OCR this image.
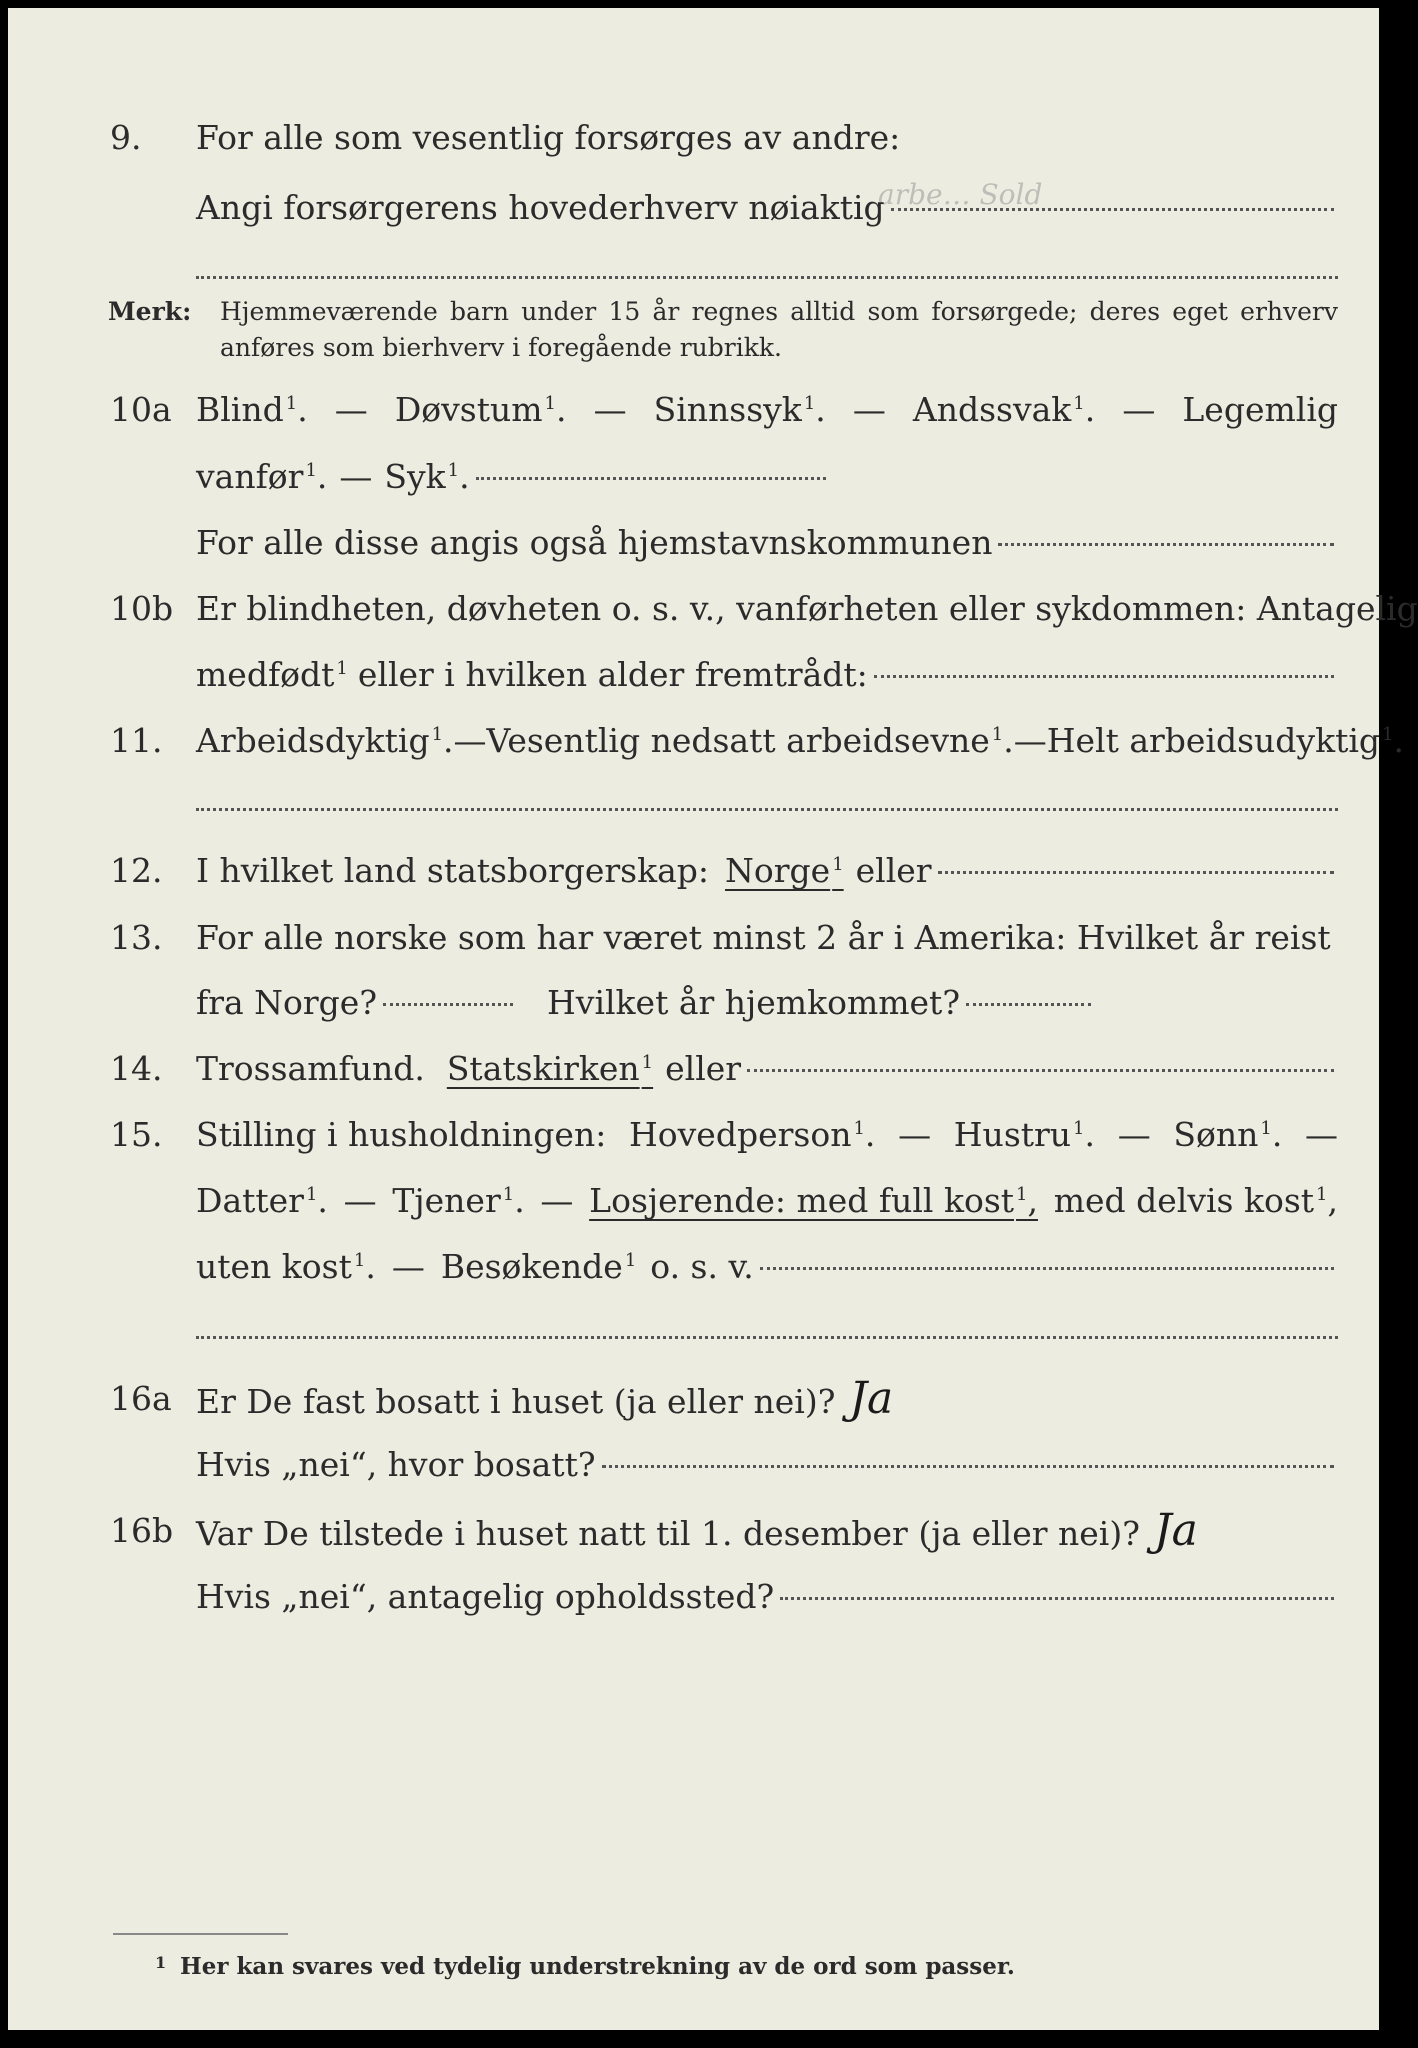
arbe… Sold
9. For alle som vesentlig forsørges av andre:
Angi forsørgerens hovederhverv nøiaktig
Merk: Hjemmeværende barn under 15 år regnes alltid som forsørgede; deres eget erhverv anføres som bierhverv i foregående rubrikk.
10a Blind $^1$. — Døvstum $^1$. — Sinnssyk $^1$. — Andssvak $^1$. — Legemlig
vanfør $^1$. — Syk $^1$.
For alle disse angis også hjemstavnskommunen
10b Er blindheten, døvheten o. s. v., vanførheten eller sykdommen: Antagelig
medfødt $^1$ eller i hvilken alder fremtrådt:
11. Arbeidsdyktig $^1$. — Vesentlig nedsatt arbeidsevne $^1$. — Helt arbeidsudyktig $^1$.
12. I hvilket land statsborgerskap: Norge $^1$ eller
13. For alle norske som har været minst 2 år i Amerika: Hvilket år reist
fra Norge?	Hvilket år hjemkommet?
14. Trossamfund. Statskirken $^1$ eller
15. Stilling i husholdningen: Hovedperson $^1$. — Hustru $^1$. — Sønn $^1$. —
Datter $^1$. — Tjener $^1$. — Losjerende: med full kost $^1$, med delvis kost $^1$,
uten kost $^1$. — Besøkende $^1$ o. s. v.
16a Er De fast bosatt i huset (ja eller nei)? Ja
Hvis „nei“, hvor bosatt?
16b Var De tilstede i huset natt til 1. desember (ja eller nei)? Ja
Hvis „nei“, antagelig opholdssted?
1 Her kan svares ved tydelig understrekning av de ord som passer.
